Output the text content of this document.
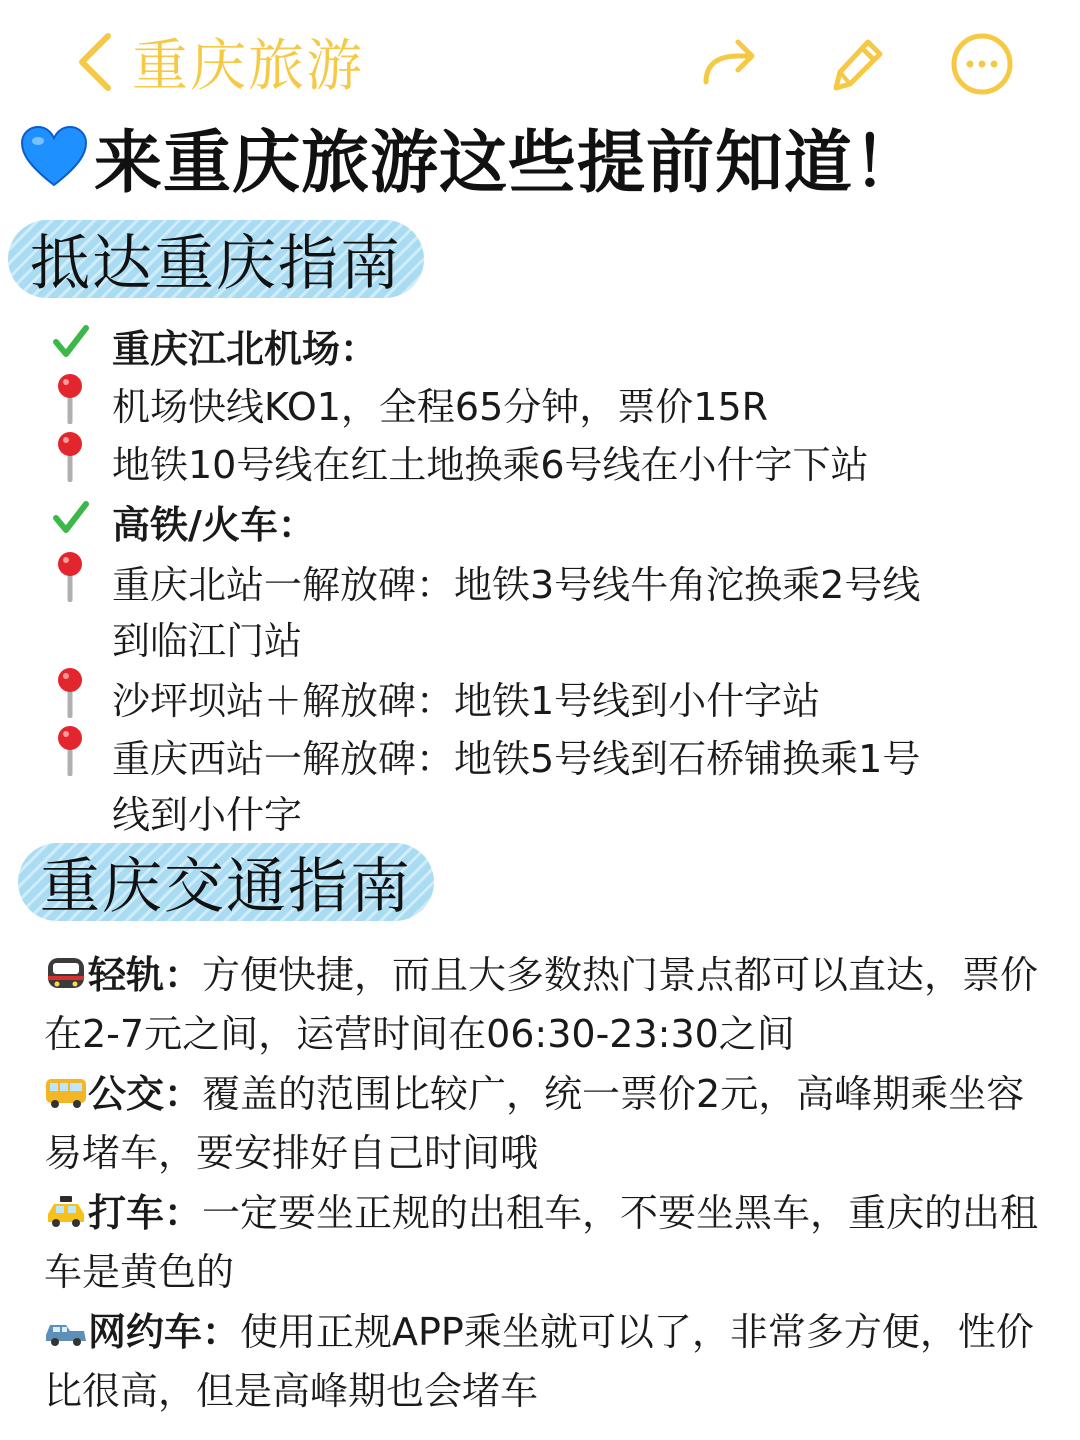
重庆旅游
来重庆旅游这些提前知道！
抵达重庆指南
重庆江北机场：
机场快线KO1，全程65分钟，票价15R
地铁10号线在红土地换乘6号线在小什字下站
高铁/火车：
重庆北站一解放碑：地铁3号线牛角沱换乘2号线
到临江门站
沙坪坝站＋解放碑：地铁1号线到小什字站
重庆西站一解放碑：地铁5号线到石桥铺换乘1号
线到小什字
重庆交通指南
轻轨：方便快捷，而且大多数热门景点都可以直达，票价在2-7元之间，运营时间在06:30-23:30之间
公交：覆盖的范围比较广，统一票价2元，高峰期乘坐容易堵车，要安排好自己时间哦
打车：一定要坐正规的出租车，不要坐黑车，重庆的出租车是黄色的
网约车：使用正规APP乘坐就可以了，非常多方便，性价比很高，但是高峰期也会堵车
